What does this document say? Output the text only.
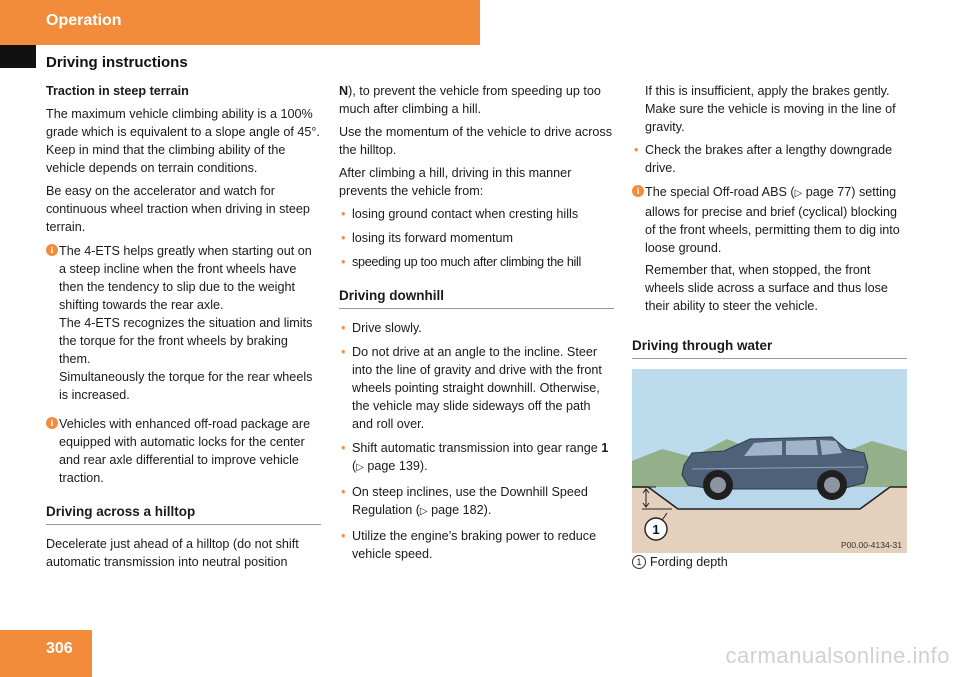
Operation
Driving instructions

Traction in steep terrain

The maximum vehicle climbing ability is a 100% grade which is equivalent to a slope angle of 45°. Keep in mind that the climbing ability of the vehicle depends on terrain conditions.

Be easy on the accelerator and watch for continuous wheel traction when driving in steep terrain.

i The 4-ETS helps greatly when starting out on a steep incline when the front wheels have then the tendency to slip due to the weight shifting towards the rear axle.

The 4-ETS recognizes the situation and limits the torque for the front wheels by braking them.

Simultaneously the torque for the rear wheels is increased.

i Vehicles with enhanced off-road package are equipped with automatic locks for the center and rear axle differential to improve vehicle traction.

Driving across a hilltop

Decelerate just ahead of a hilltop (do not shift automatic transmission into neutral position

N), to prevent the vehicle from speeding up too much after climbing a hill.

Use the momentum of the vehicle to drive across the hilltop.

After climbing a hill, driving in this manner prevents the vehicle from:

• losing ground contact when cresting hills
• losing its forward momentum
• speeding up too much after climbing the hill
Driving downhill
• Drive slowly.
• Do not drive at an angle to the incline. Steer into the line of gravity and drive with the front wheels pointing straight downhill. Otherwise, the vehicle may slide sideways off the path and roll over.
• Shift automatic transmission into gear range 1 (▷ page 139).
• On steep inclines, use the Downhill Speed Regulation (▷ page 182).
• Utilize the engine’s braking power to reduce vehicle speed.

If this is insufficient, apply the brakes gently. Make sure the vehicle is moving in the line of gravity.

• Check the brakes after a lengthy downgrade drive.
i The special Off-road ABS (▷ page 77) setting allows for precise and brief (cyclical) blocking of the front wheels, permitting them to dig into loose ground.

Remember that, when stopped, the front wheels slide across a surface and thus lose their ability to steer the vehicle.

Driving through water
1
P00.00-4134-31

1 Fording depth

306	carmanualsonline.info
